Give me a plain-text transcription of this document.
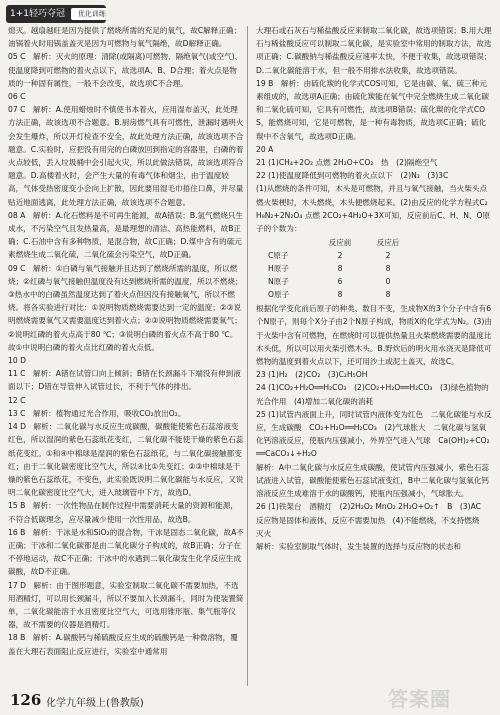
1+1轻巧夺冠 优化训练

熄灭。越扇越旺是因为提供了燃烧所需的充足的氧气，故C解释正确；油锅着火时用锅盖盖灭是因为可燃物与氧气隔绝，故D解释正确。

05 C　解析：灭火的原理：清除(或隔离)可燃物、隔绝氧气(或空气)、使温度降到可燃物的着火点以下，故选项A、B、D合理；着火点是物质的一种固有属性，一般不会改变，故选项C不合理。

06 C

07 C　解析：A.使用蜡烛时不慎使书本着火，应用湿布盖灭，此处理方法正确，故该选项不合题意。B.厨房燃气具有可燃性，泄漏时遇明火会发生爆炸，所以开灯检查不安全，故此处理方法正确，故该选项不合题意。C.实验时，应把没有用完的白磷放回到指定的容器里，白磷的着火点较低，丢入垃圾桶中会引起火灾，所以此做法错误，故该选项符合题意。D.高楼着火时，会产生大量的有毒气体和烟尘，由于温度较高，气体受热密度变小会向上扩散，因此要用湿毛巾捂住口鼻，并尽量贴近地面逃离，此处理方法正确，故该选项不合题意。

08 A　解析：A.化石燃料是不可再生能源，故A错误；B.氢气燃烧只生成水，不污染空气且发热量高，是最理想的清洁、高热能燃料，故B正确；C.石油中含有多种物质，是混合物，故C正确；D.煤中含有的硫元素燃烧生成二氧化硫，二氧化硫会污染空气，故D正确。

09 C　解析：①白磷与氧气接触并且达到了燃烧所需的温度，所以燃烧；②红磷与氧气接触但温度没有达到燃烧所需的温度，所以不燃烧；③热水中的白磷虽然温度达到了着火点但因没有接触氧气，所以不燃烧。将各实验进行对比：①说明物质燃烧需要达到一定的温度；②③说明燃烧需要氧气又需要温度达到着火点；②③说明物质燃烧需要氧气；②说明红磷的着火点高于80 ℃；③说明白磷的着火点不高于80 ℃。故①中说明白磷的着火点比红磷的着火点低。

10 D

11 C　解析：A错在试管口向上倾斜；B错在长颈漏斗下端没有伸到液面以下；D错在导管伸入试管过长，不利于气体的排出。

12 C

13 C　解析：植物通过光合作用，吸收CO₂放出O₂。

14 D　解析：二氧化碳与水反应生成碳酸，碳酸能使紫色石蕊溶液变红色，所以湿润的紫色石蕊纸花变红，二氧化碳不能使干燥的紫色石蕊纸花变红。①和④中棉球是湿润的紫色石蕊纸花，与二氧化碳接触都变红；由于二氧化碳密度比空气大，所以④比①先变红；②③中棉球是干燥的紫色石蕊纸花，不变色，此实验既说明二氧化碳能与水反应，又说明二氧化碳密度比空气大，进入玻璃管中下方，故选D。

15 B　解析：一次性物品在制作过程中需要消耗大量的资源和能源，不符合低碳理念，应尽量减少使用一次性用品，故选B。

16 B　解析：干冰是水和SiO₂的混合物，干冰是固态二氧化碳，故A不正确；干冰和二氧化碳都是由二氧化碳分子构成的，故B正确；分子在不停地运动，故C不正确；干冰中的水遇到二氧化碳发生化学反应生成碳酸，故D不正确。

17 D　解析：由于图形题意，实验室制取二氧化碳不需要加热，不选用酒精灯，可以用长颈漏斗，所以不要加入长颈漏斗，同时为使装置简单，二氧化碳能溶于水且密度比空气大，可选用锥形瓶、集气瓶等仪器，故不需要的仪器是酒精灯。

18 B　解析：A.碳酸钙与稀硫酸反应生成的硫酸钙是一种微溶物，覆盖在大理石表面阻止反应进行，实验室中通常用

大理石或石灰石与稀盐酸反应来制取二氧化碳，故选项错误；B.用大理石与稀盐酸反应可以制取二氧化碳，是实验室中常用的制取方法，故选项正确；C.碳酸钠与稀盐酸反应速率太快，不便于收集，故选项错误；D.二氧化碳能溶于水，但一般不用排水法收集，故选项错误。

19 B　解析：由硫化羰的化学式COS可知，它是由碳、氧、硫三种元素组成的，故选项A正确；由硫化羰能在氧气中完全燃烧生成二氧化碳和二氧化硫可知，它具有可燃性，故选项B错误；硫化羰的化学式COS，能燃烧可知，它是可燃物，是一种有毒物质，故选项C正确；硫化羰中不含氧气，故选项D正确。

20 A

21 (1)CH₄+2O₂ 点燃 2H₂O+CO₂　热　(2)隔绝空气

22 (1)使温度降低到可燃物的着火点以下　(2)N₂　(3)3C

(1)从燃烧的条件可知，木头是可燃物，并且与氧气接触，当火柴头点燃火柴梗时，木头燃烧，木头便燃烧起来。(2)由反应的化学方程式C₂H₈N₂+2N₂O₄ 点燃 2CO₂+4H₂O+3X可知，反应前后C、H、N、O原子的个数为：

	反应前	反应后
C原子	2	2
H原子	8	8
N原子	6	0
O原子	8	8

根据化学变化前后原子的种类、数目不变，生成物X的3个分子中含有6个N原子，则每个X分子由2个N原子构成，物质X的化学式为N₂。(3)由于火柴中含有可燃物，在燃烧时可以提供热量且火柴燃烧需要的温度比木头低，所以可以用火柴引燃木头。B.野炊后的明火用水浇灭是降低可燃物的温度到着火点以下，还可用沙土或泥土盖灭，故选C。

23 (1)H₂　(2)CO₂　(3)C₂H₅OH

24 (1)CO₂+H₂O══H₂CO₃　(2)CO₂+H₂O══H₂CO₃　(3)绿色植物的光合作用　(4)增加二氧化碳的消耗

25 (1)试管内液面上升，同时试管内液体变为红色　二氧化碳能与水反应，生成碳酸　CO₂+H₂O══H₂CO₃　(2)气球胀大　二氧化碳与氢氧化钙溶液反应，使瓶内压强减小，外界空气进入气球　Ca(OH)₂+CO₂══CaCO₃↓+H₂O

解析：A中二氧化碳与水反应生成碳酸，使试管内压强减小，紫色石蕊试液进入试管，碳酸能使紫色石蕊试液变红，B中二氧化碳与氢氧化钙溶液反应生成难溶于水的碳酸钙，使瓶内压强减小，气球胀大。

26 (1)铁架台　酒精灯　(2)2H₂O₂ MnO₂ 2H₂O+O₂↑　B　(3)AC　反应物是固体和液体，反应不需要加热　(4)不能燃烧，不支持燃烧　灭火

解析：实验室制取气体时，发生装置的选择与反应物的状态和

126 化学九年级上(鲁教版)	答案圈
